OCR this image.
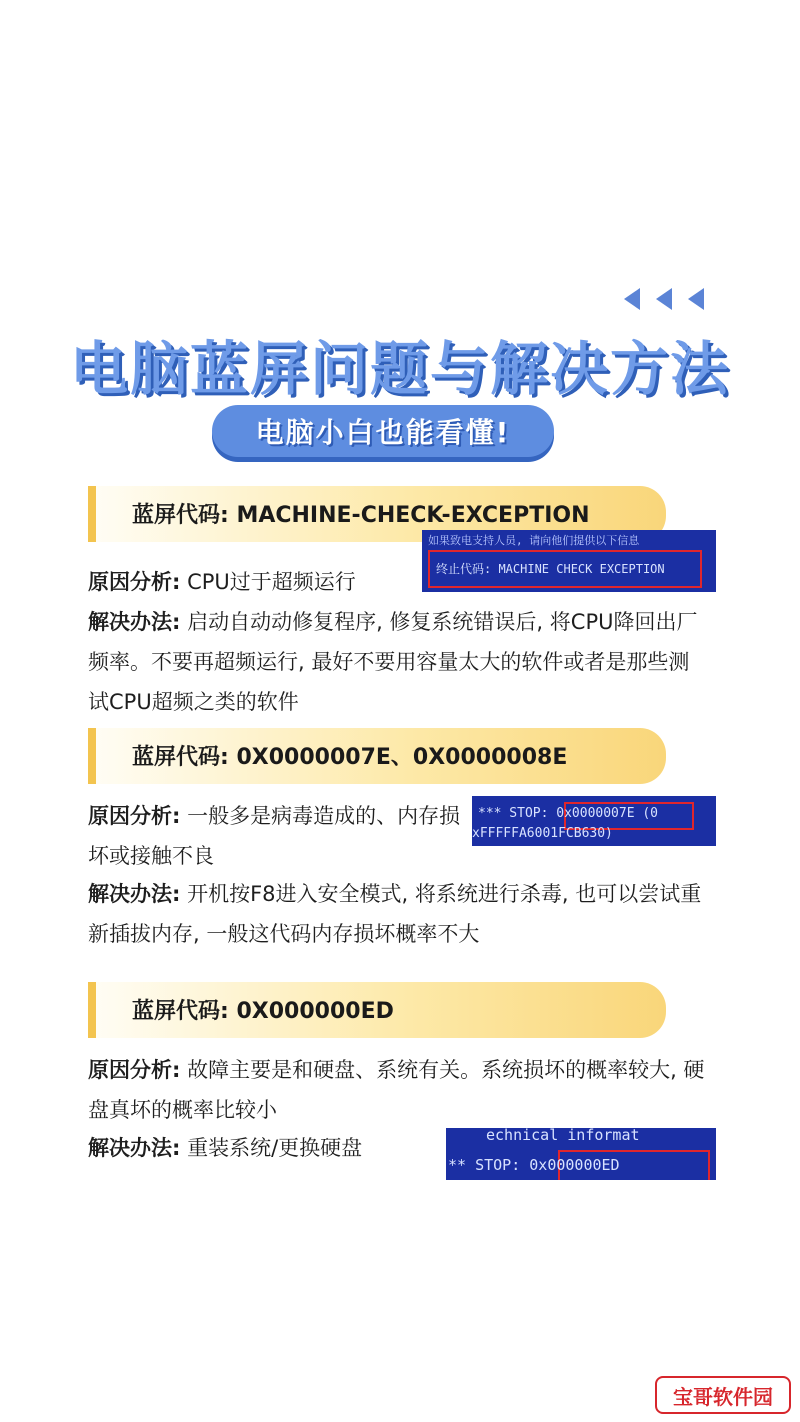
电脑蓝屏问题与解决方法
电脑小白也能看懂!
蓝屏代码: MACHINE-CHECK-EXCEPTION
如果致电支持人员, 请向他们提供以下信息
终止代码: MACHINE CHECK EXCEPTION
原因分析: CPU过于超频运行
解决办法: 启动自动动修复程序, 修复系统错误后, 将CPU降回出厂频率。不要再超频运行, 最好不要用容量太大的软件或者是那些测试CPU超频之类的软件
蓝屏代码: 0X0000007E、0X0000008E
*** STOP: 0x0000007E (0
xFFFFFA6001FCB630)
原因分析: 一般多是病毒造成的、内存损坏或接触不良
解决办法: 开机按F8进入安全模式, 将系统进行杀毒, 也可以尝试重新插拔内存, 一般这代码内存损坏概率不大
蓝屏代码: 0X000000ED
原因分析: 故障主要是和硬盘、系统有关。系统损坏的概率较大, 硬盘真坏的概率比较小
echnical informat
** STOP: 0x000000ED
解决办法: 重装系统/更换硬盘
宝哥软件园
